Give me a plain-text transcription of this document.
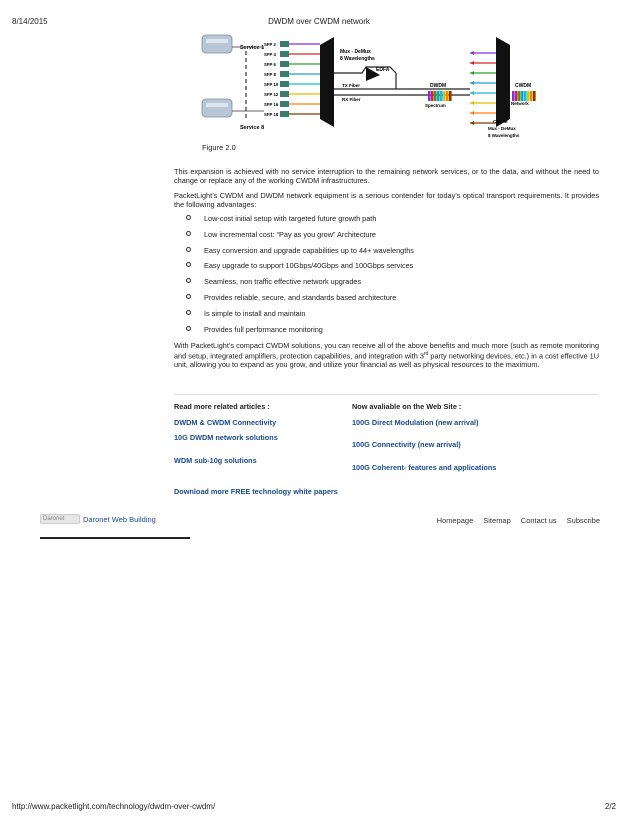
8/14/2015	DWDM over CWDM network
Service 1
Service 8
SFP 2
SFP 4
SFP 6
SFP 8
SFP 10
SFP 12
SFP 16
SFP 18
Mux - DeMux
8 Wavelengths
EDFA
TX Fiber
RX Fiber
DWDM
Spectrum
CWDM
Network
CWDM
Mux - DeMux
8 Wavelengths
Figure 2.0

This expansion is achieved with no service interruption to the remaining network services, or to the data, and without the need to change or replace any of the working CWDM infrastructures.

PacketLight’s CWDM and DWDM network equipment is a serious contender for today’s optical transport requirements. It provides the following advantages:

Low-cost initial setup with targeted future growth path
Low incremental cost: “Pay as you grow” Architecture
Easy conversion and upgrade capabilities up to 44+ wavelengths
Easy upgrade to support 10Gbps/40Gbps and 100Gbps services
Seamless, non traffic effective network upgrades
Provides reliable, secure, and standards based architecture
Is simple to install and maintain
Provides full performance monitoring

With PacketLight’s compact CWDM solutions, you can receive all of the above benefits and much more (such as remote monitoring and setup, integrated amplifiers, protection capabilities, and integration with 3rd party networking devices, etc.) in a cost effective 1U unit, allowing you to expand as you grow, and utilize your financial as well as physical resources to the maximum.

Read more related articles :
DWDM & CWDM Connectivity
10G DWDM network solutions
WDM sub-10g solutions
Download more FREE technology white papers
Now avaliable on the Web Site :
100G Direct Modulation (new arrival)
100G Connectivity (new arrival)
100G Coherent- features and applications
Daronet Daronet Web Building	Homepage Sitemap Contact us Subscribe
http://www.packetlight.com/technology/dwdm-over-cwdm/	2/2
